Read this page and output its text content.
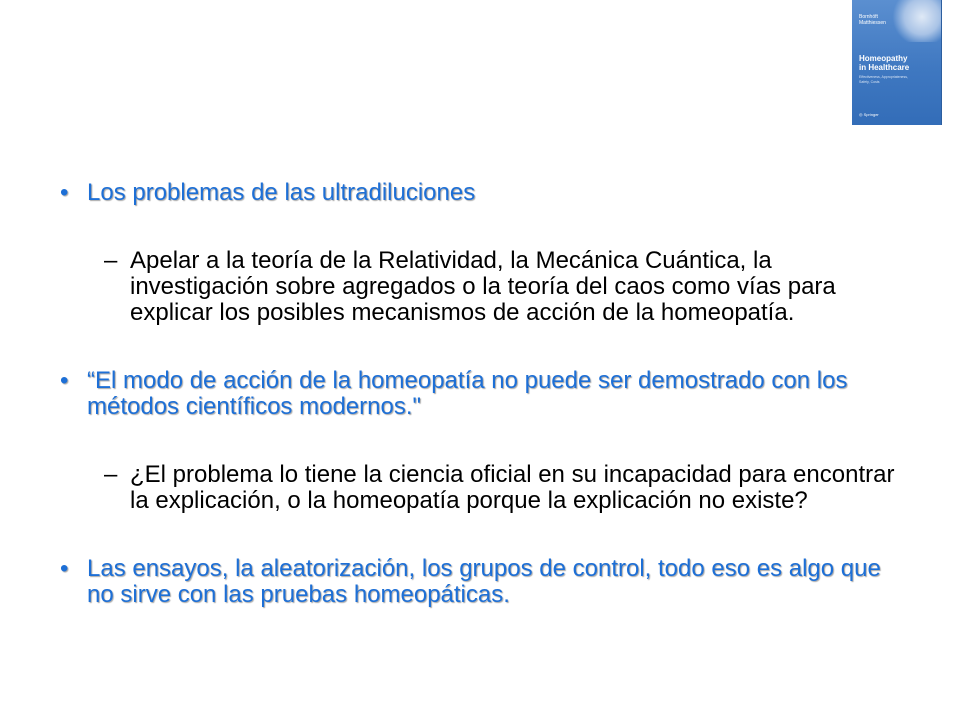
Bornhöft
Matthiessen
Homeopathy
in Healthcare
Effectiveness, Appropriateness, Safety, Costs
◎ Springer
• Los problemas de las ultradiluciones
– Apelar a la teoría de la Relatividad, la Mecánica Cuántica, la investigación sobre agregados o la teoría del caos como vías para explicar los posibles mecanismos de acción de la homeopatía.
• “El modo de acción de la homeopatía no puede ser demostrado con los métodos científicos modernos."
– ¿El problema lo tiene la ciencia oficial en su incapacidad para encontrar la explicación, o la homeopatía porque la explicación no existe?
• Las ensayos, la aleatorización, los grupos de control, todo eso es algo que no sirve con las pruebas homeopáticas.
